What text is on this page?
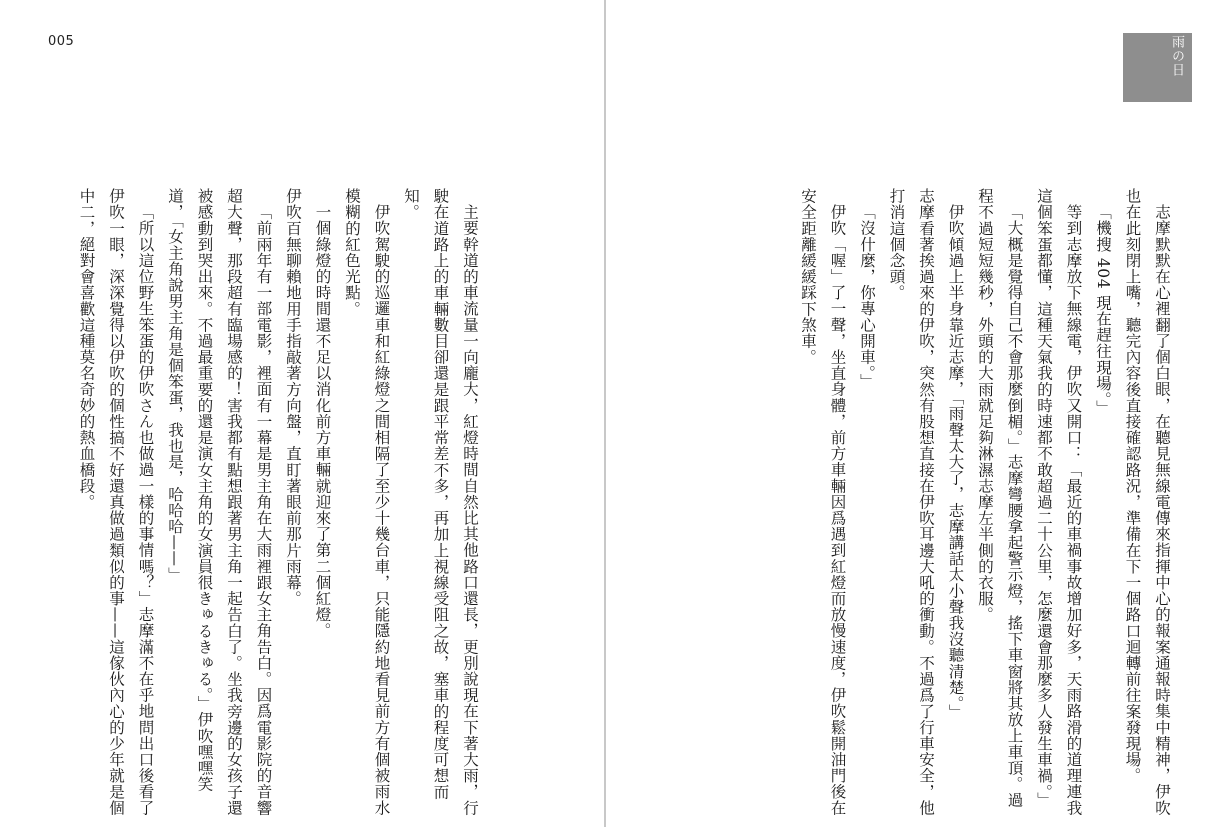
005

主要幹道的車流量一向龐大，紅燈時間自然比其他路口還長，更別說現在下著大雨，行駛在道路上的車輛數目卻還是跟平常差不多，再加上視線受阻之故，塞車的程度可想而知。

伊吹駕駛的巡邏車和紅綠燈之間相隔了至少十幾台車，只能隱約地看見前方有個被雨水模糊的紅色光點。

一個綠燈的時間還不足以消化前方車輛就迎來了第二個紅燈。

伊吹百無聊賴地用手指敲著方向盤，直盯著眼前那片雨幕。

「前兩年有一部電影，裡面有一幕是男主角在大雨裡跟女主角告白。因爲電影院的音響超大聲，那段超有臨場感的！害我都有點想跟著男主角一起告白了。坐我旁邊的女孩子還被感動到哭出來。不過最重要的還是演女主角的女演員很きゅるきゅる。」伊吹嘿嘿笑道，「女主角說男主角是個笨蛋，我也是，哈哈哈——」

「所以這位野生笨蛋的伊吹さん也做過一樣的事情嗎？」志摩滿不在乎地問出口後看了伊吹一眼，深深覺得以伊吹的個性搞不好還真做過類似的事——這傢伙內心的少年就是個中二，絕對會喜歡這種莫名奇妙的熱血橋段。

雨の日

志摩默默在心裡翻了個白眼，在聽見無線電傳來指揮中心的報案通報時集中精神，伊吹也在此刻閉上嘴，聽完內容後直接確認路況，準備在下一個路口迴轉前往案發現場。

「機搜 404 現在趕往現場。」

等到志摩放下無線電，伊吹又開口：「最近的車禍事故增加好多，天雨路滑的道理連我這個笨蛋都懂，這種天氣我的時速都不敢超過二十公里，怎麼還會那麼多人發生車禍。」

「大概是覺得自己不會那麼倒楣。」志摩彎腰拿起警示燈，搖下車窗將其放上車頂。過程不過短短幾秒，外頭的大雨就足夠淋濕志摩左半側的衣服。

伊吹傾過上半身靠近志摩，「雨聲太大了，志摩講話太小聲我沒聽清楚。」

志摩看著挨過來的伊吹，突然有股想直接在伊吹耳邊大吼的衝動。不過爲了行車安全，他打消這個念頭。

「沒什麼，你專心開車。」

伊吹「喔」了一聲，坐直身體，前方車輛因爲遇到紅燈而放慢速度，伊吹鬆開油門後在安全距離緩緩踩下煞車。
